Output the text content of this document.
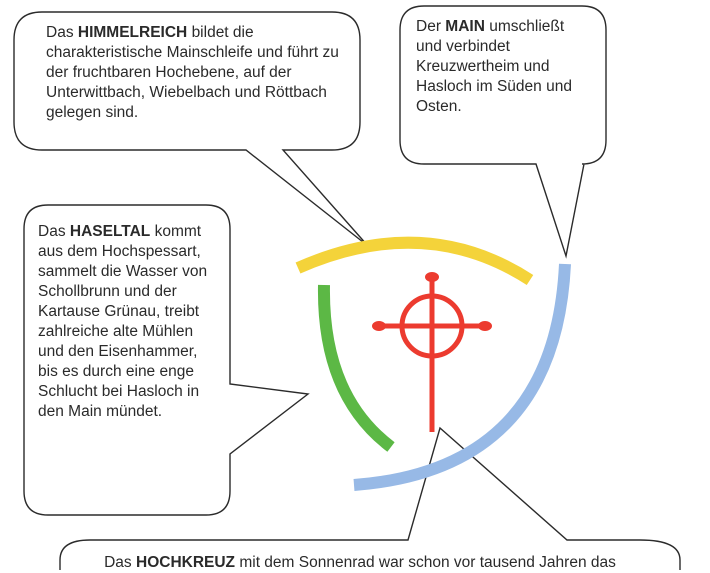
Das HIMMELREICH bildet die charakteristische Mainschleife und führt zu der fruchtbaren Hochebene, auf der Unterwittbach, Wiebelbach und Röttbach gelegen sind.

Der MAIN umschließt und verbindet Kreuzwertheim und Hasloch im Süden und Osten.

Das HASELTAL kommt aus dem Hochspessart, sammelt die Wasser von Schollbrunn und der Kartause Grünau, treibt zahlreiche alte Mühlen und den Eisenhammer, bis es durch eine enge Schlucht bei Hasloch in den Main mündet.

Das HOCHKREUZ mit dem Sonnenrad war schon vor tausend Jahren das
